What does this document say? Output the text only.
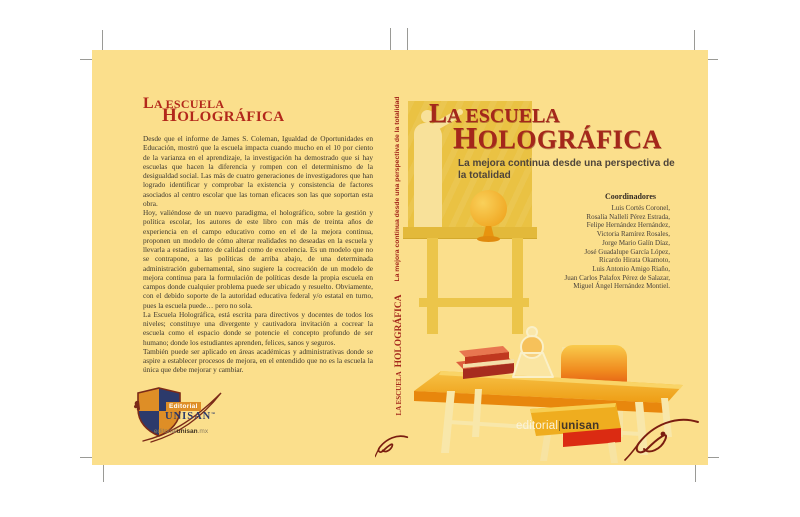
LA ESCUELA
HOLOGRÁFICA

Desde que el informe de James S. Coleman, Igualdad de Oportunidades en Educación, mostró que la escuela impacta cuando mucho en el 10 por ciento de la varianza en el aprendizaje, la investigación ha demostrado que si hay escuelas que hacen la diferencia y rompen con el determinismo de la desigualdad social. Las más de cuatro generaciones de investigadores que han logrado identificar y comprobar la existencia y consistencia de factores asociados al centro escolar que las tornan eficaces son las que soportan esta obra.

Hoy, valiéndose de un nuevo paradigma, el holográfico, sobre la gestión y política escolar, los autores de este libro con más de treinta años de experiencia en el campo educativo como en el de la mejora continua, proponen un modelo de cómo alterar realidades no deseadas en la escuela y llevarla a estadios tanto de calidad como de excelencia. Es un modelo que no se contrapone, a las políticas de arriba abajo, de una determinada administración gubernamental, sino sugiere la cocreación de un modelo de mejora continua para la formulación de políticas desde la propia escuela en campos donde cualquier problema puede ser ubicado y resuelto. Obviamente, con el debido soporte de la autoridad educativa federal y/o estatal en turno, pues la escuela puede… pero no sola.

La Escuela Holográfica, está escrita para directivos y docentes de todos los niveles; constituye una divergente y cautivadora invitación a cocrear la escuela como el espacio donde se potencie el concepto profundo de ser humano; donde los estudiantes aprenden, felices, sanos y seguros.

También puede ser aplicado en áreas académicas y administrativas donde se aspire a establecer procesos de mejora, en el entendido que no es la escuela la única que debe mejorar y cambiar.

Editorial
UNISAN™
editorialunisan.mx
LA ESCUELA HOLOGRÁFICA
La mejora continua desde una perspectiva de la totalidad LA ESCUELA
HOLOGRÁFICA
La mejora continua desde una perspectiva de la totalidad
Coordinadores
Luis Cortés Coronel,
Rosalía Nallelí Pérez Estrada,
Felipe Hernández Hernández,
Victoria Ramírez Rosales,
Jorge Mario Galín Díaz,
José Guadalupe García López,
Ricardo Hirata Okamoto,
Luis Antonio Amigo Riaño,
Juan Carlos Palafox Pérez de Salazar,
Miguel Ángel Hernández Montiel.
editorial unisan
